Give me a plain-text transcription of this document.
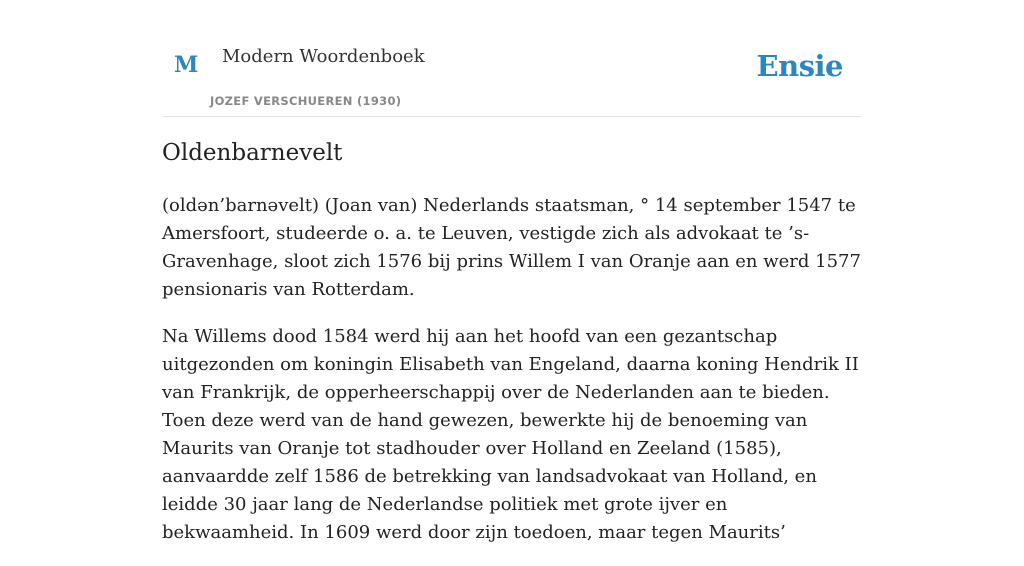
M Modern Woordenboek
JOZEF VERSCHUEREN (1930)
Ensie
Oldenbarnevelt

(oldən’barnəvelt) (Joan van) Nederlands staatsman, ° 14 september 1547 te Amersfoort, studeerde o. a. te Leuven, vestigde zich als advokaat te ’s-Gravenhage, sloot zich 1576 bij prins Willem I van Oranje aan en werd 1577 pensionaris van Rotterdam.

Na Willems dood 1584 werd hij aan het hoofd van een gezantschap uitgezonden om koningin Elisabeth van Engeland, daarna koning Hendrik II van Frankrijk, de opperheerschappij over de Nederlanden aan te bieden. Toen deze werd van de hand gewezen, bewerkte hij de benoeming van Maurits van Oranje tot stadhouder over Holland en Zeeland (1585), aanvaardde zelf 1586 de betrekking van landsadvokaat van Holland, en leidde 30 jaar lang de Nederlandse politiek met grote ijver en bekwaamheid. In 1609 werd door zijn toedoen, maar tegen Maurits’
